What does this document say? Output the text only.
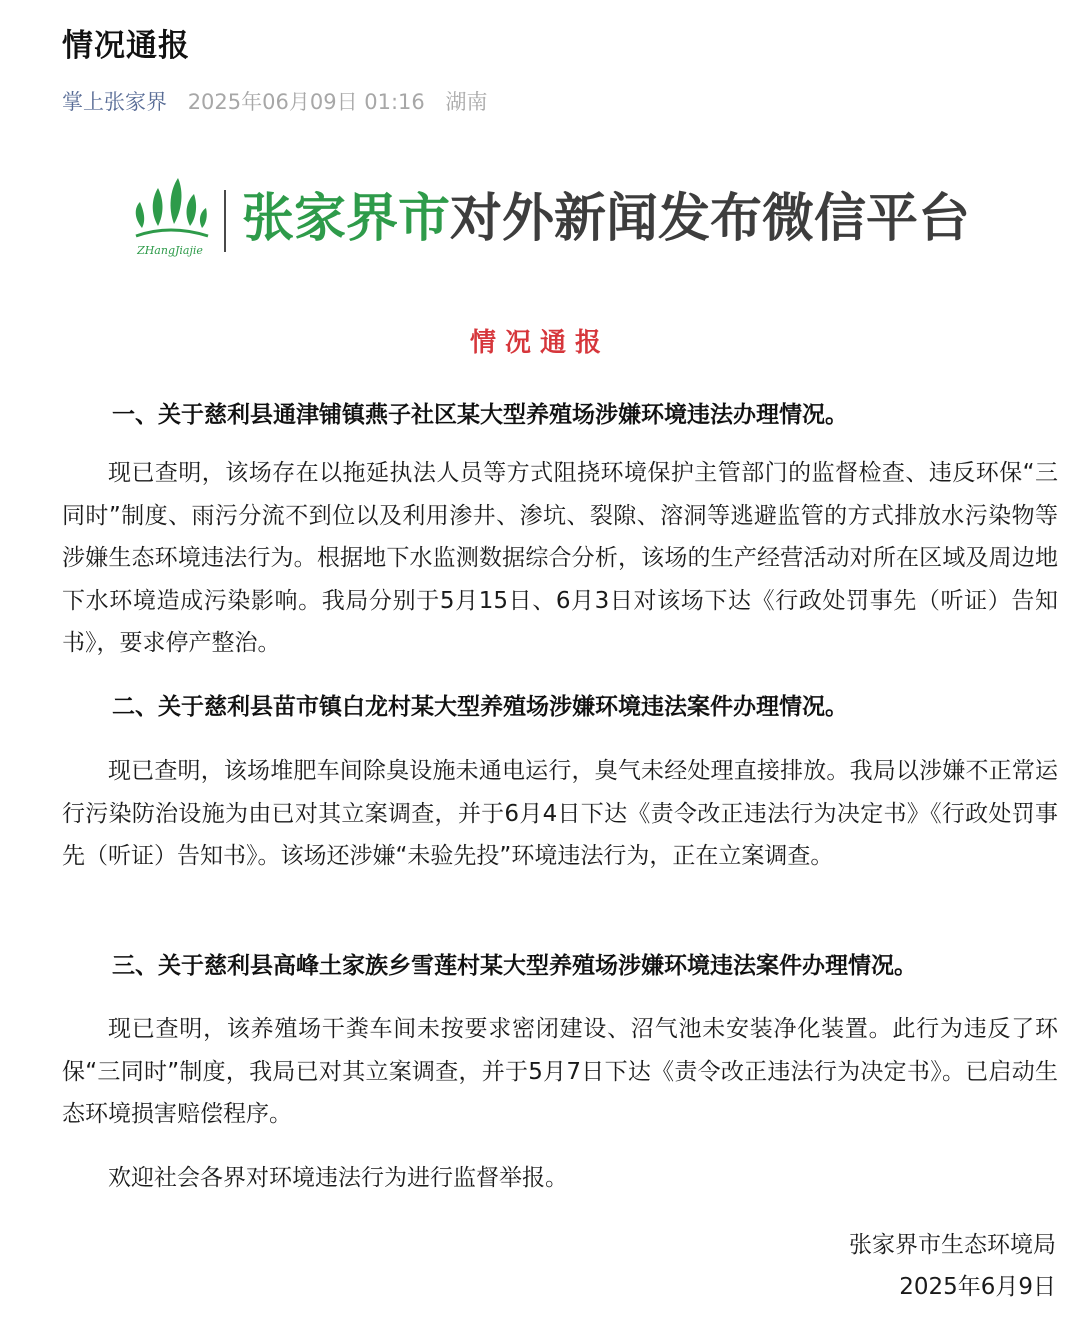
情况通报
掌上张家界 2025年06月09日 01:16 湖南
ZHangJiajie
张家界市对外新闻发布微信平台
情况通报
一、关于慈利县通津铺镇燕子社区某大型养殖场涉嫌环境违法办理情况。

现已查明，该场存在以拖延执法人员等方式阻挠环境保护主管部门的监督检查、违反环保“三同时”制度、雨污分流不到位以及利用渗井、渗坑、裂隙、溶洞等逃避监管的方式排放水污染物等涉嫌生态环境违法行为。根据地下水监测数据综合分析，该场的生产经营活动对所在区域及周边地下水环境造成污染影响。我局分别于5月15日、6月3日对该场下达《行政处罚事先（听证）告知书》，要求停产整治。

二、关于慈利县苗市镇白龙村某大型养殖场涉嫌环境违法案件办理情况。

现已查明，该场堆肥车间除臭设施未通电运行，臭气未经处理直接排放。我局以涉嫌不正常运行污染防治设施为由已对其立案调查，并于6月4日下达《责令改正违法行为决定书》《行政处罚事先（听证）告知书》。该场还涉嫌“未验先投”环境违法行为，正在立案调查。

三、关于慈利县高峰土家族乡雪莲村某大型养殖场涉嫌环境违法案件办理情况。

现已查明，该养殖场干粪车间未按要求密闭建设、沼气池未安装净化装置。此行为违反了环保“三同时”制度，我局已对其立案调查，并于5月7日下达《责令改正违法行为决定书》。已启动生态环境损害赔偿程序。

欢迎社会各界对环境违法行为进行监督举报。

张家界市生态环境局
2025年6月9日
